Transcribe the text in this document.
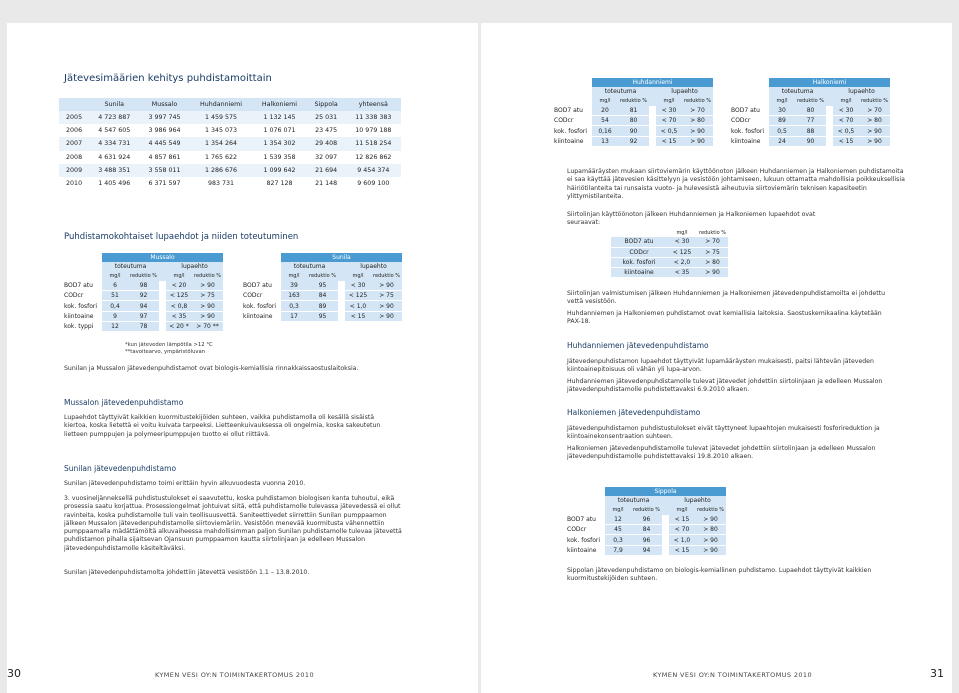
Jätevesimäärien kehitys puhdistamoittain
	Sunila	Mussalo	Huhdanniemi	Halkoniemi	Sippola	yhteensä
2005	4 723 887	3 997 745	1 459 575	1 132 145	25 031	11 338 383
2006	4 547 605	3 986 964	1 345 073	1 076 071	23 475	10 979 188
2007	4 334 731	4 445 549	1 354 264	1 354 302	29 408	11 518 254
2008	4 631 924	4 857 861	1 765 622	1 539 358	32 097	12 826 862
2009	3 488 351	3 558 011	1 286 676	1 099 642	21 694	9 454 374
2010	1 405 496	6 371 597	983 731	827 128	21 148	9 609 100
Puhdistamokohtaiset lupaehdot ja niiden toteutuminen
	Mussalo				
	toteutuma			lupaehto	
	mg/l	reduktio %		mg/l	reduktio %
BOD7 atu	6	98		< 20	> 90
CODcr	51	92		< 125	> 75
kok. fosfori	0,4	94		< 0,8	> 90
kiintoaine	9	97		< 35	> 90
kok. typpi	12	78		< 20 *	> 70 **
*kun jäteveden lämpötila >12 °C
**tavoitearvo, ympäristöluvan
	Sunila				
	toteutuma			lupaehto	
	mg/l	reduktio %		mg/l	reduktio %
BOD7 atu	39	95		< 30	> 90
CODcr	163	84		< 125	> 75
kok. fosfori	0,3	89		< 1,0	> 90
kiintoaine	17	95		< 15	> 90
Sunilan ja Mussalon jätevedenpuhdistamot ovat biologis-kemiallisia rinnakkaissaostuslaitoksia.
Mussalon jätevedenpuhdistamo
Lupaehdot täyttyivät kaikkien kuormitustekijöiden suhteen, vaikka puhdistamolla oli kesällä sisäistä kiertoa, koska lietettä ei voitu kuivata tarpeeksi. Lietteenkuivauksessa oli ongelmia, koska sakeutetun lietteen pumppujen ja polymeeripumppujen tuotto ei ollut riittävä.
Sunilan jätevedenpuhdistamo
Sunilan jätevedenpuhdistamo toimi erittäin hyvin alkuvuodesta vuonna 2010.
3. vuosineljänneksellä puhdistustulokset ei saavutettu, koska puhdistamon biologisen kanta tuhoutui, eikä prosessia saatu korjattua. Prosessiongelmat johtuivat siitä, että puhdistamolle tulevassa jätevedessä ei ollut ravinteita, koska puhdistamolle tuli vain teollisuusvettä. Saniteettivedet siirrettiin Sunilan pumppaamon jälkeen Mussalon jätevedenpuhdistamolle siirtoviemäriin. Vesistöön menevää kuormitusta vähennettiin pumppaamalla mädättämöltä alkuvaiheessa mahdollisimman paljon Sunilan puhdistamolle tulevaa jätevettä puhdistamon pihalla sijaitsevan Ojansuun pumppaamon kautta siirtolinjaan ja edelleen Mussalon jätevedenpuhdistamolle käsiteltäväksi.
Sunilan jätevedenpuhdistamolta johdettiin jätevettä vesistöön 1.1 – 13.8.2010.
30	KYMEN VESI OY:N TOIMINTAKERTOMUS 2010
	Huhdanniemi				
	toteutuma			lupaehto	
	mg/l	reduktio %		mg/l	reduktio %
BOD7 atu	20	81		< 30	> 70
CODcr	54	80		< 70	> 80
kok. fosfori	0,16	90		< 0,5	> 90
kiintoaine	13	92		< 15	> 90
	Halkoniemi				
	toteutuma			lupaehto	
	mg/l	reduktio %		mg/l	reduktio %
BOD7 atu	30	80		< 30	> 70
CODcr	89	77		< 70	> 80
kok. fosfori	0,5	88		< 0,5	> 90
kiintoaine	24	90		< 15	> 90
Lupamääräysten mukaan siirtoviemärin käyttöönoton jälkeen Huhdanniemen ja Halkoniemen puhdistamoita ei saa käyttää jätevesien käsittelyyn ja vesistöön johtamiseen, lukuun ottamatta mahdollisia poikkeuksellisia häiriötilanteita tai runsaista vuoto- ja hulevesistä aiheutuvia siirtoviemärin teknisen kapasiteetin ylittymistilanteita.
Siirtolinjan käyttöönoton jälkeen Huhdanniemen ja Halkoniemen lupaehdot ovat seuraavat:
	mg/l	reduktio %
BOD7 atu	< 30	> 70
CODcr	< 125	> 75
kok. fosfori	< 2,0	> 80
kiintoaine	< 35	> 90
Siirtolinjan valmistumisen jälkeen Huhdanniemen ja Halkoniemen jätevedenpuhdistamoilta ei johdettu vettä vesistöön.
Huhdanniemen ja Halkoniemen puhdistamot ovat kemiallisia laitoksia. Saostuskemikaalina käytetään PAX-18.
Huhdanniemen jätevedenpuhdistamo
Jätevedenpuhdistamon lupaehdot täyttyivät lupamääräysten mukaisesti, paitsi lähtevän jäteveden kiintoainepitoisuus oli vähän yli lupa-arvon.
Huhdanniemen jätevedenpuhdistamolle tulevat jätevedet johdettiin siirtolinjaan ja edelleen Mussalon jätevedenpuhdistamolle puhdistettavaksi 6.9.2010 alkaen.
Halkoniemen jätevedenpuhdistamo
Jätevedenpuhdistamon puhdistustulokset eivät täyttyneet lupaehtojen mukaisesti fosforireduktion ja kiintoainekonsentraation suhteen.
Halkoniemen jätevedenpuhdistamolle tulevat jätevedet johdettiin siirtolinjaan ja edelleen Mussalon jätevedenpuhdistamolle puhdistettavaksi 19.8.2010 alkaen.
	Sippola				
	toteutuma			lupaehto	
	mg/l	reduktio %		mg/l	reduktio %
BOD7 atu	12	96		< 15	> 90
CODcr	45	84		< 70	> 80
kok. fosfori	0,3	96		< 1,0	> 90
kiintoaine	7,9	94		< 15	> 90
Sippolan jätevedenpuhdistamo on biologis-kemiallinen puhdistamo. Lupaehdot täyttyivät kaikkien kuormitustekijöiden suhteen.
KYMEN VESI OY:N TOIMINTAKERTOMUS 2010	31
